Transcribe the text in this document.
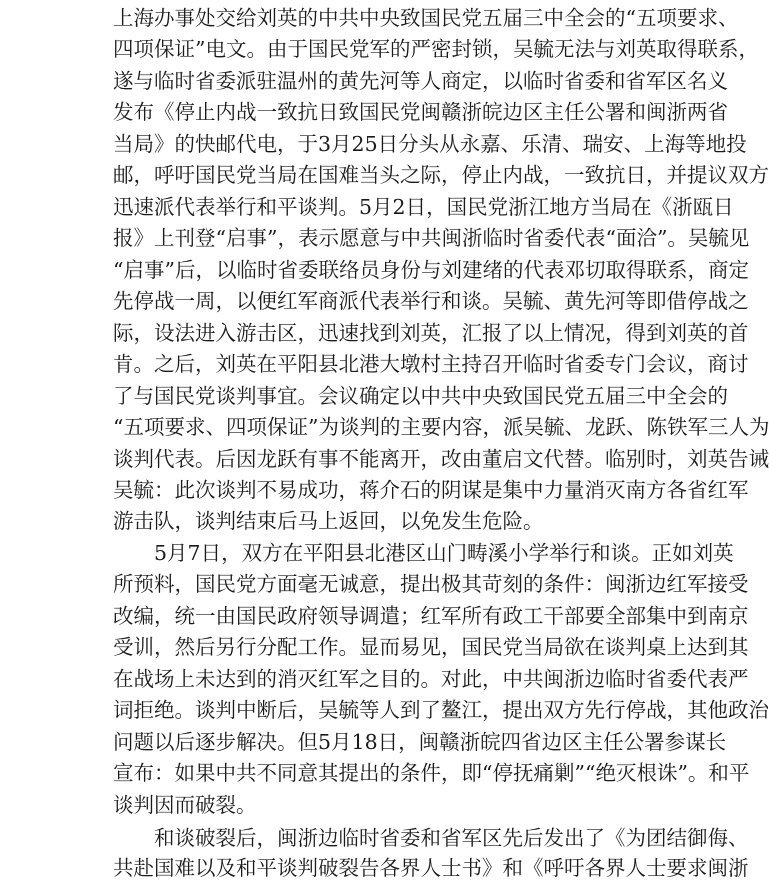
上海办事处交给刘英的中共中央致国民党五届三中全会的“五项要求、
四项保证”电文。由于国民党军的严密封锁，吴毓无法与刘英取得联系，
遂与临时省委派驻温州的黄先河等人商定，以临时省委和省军区名义
发布《停止内战一致抗日致国民党闽赣浙皖边区主任公署和闽浙两省
当局》的快邮代电，于3月25日分头从永嘉、乐清、瑞安、上海等地投
邮，呼吁国民党当局在国难当头之际，停止内战，一致抗日，并提议双方
迅速派代表举行和平谈判。5月2日，国民党浙江地方当局在《浙瓯日
报》上刊登“启事”，表示愿意与中共闽浙临时省委代表“面洽”。吴毓见
“启事”后，以临时省委联络员身份与刘建绪的代表邓切取得联系，商定
先停战一周，以便红军商派代表举行和谈。吴毓、黄先河等即借停战之
际，设法进入游击区，迅速找到刘英，汇报了以上情况，得到刘英的首
肯。之后，刘英在平阳县北港大墩村主持召开临时省委专门会议，商讨
了与国民党谈判事宜。会议确定以中共中央致国民党五届三中全会的
“五项要求、四项保证”为谈判的主要内容，派吴毓、龙跃、陈铁军三人为
谈判代表。后因龙跃有事不能离开，改由董启文代替。临别时，刘英告诫
吴毓：此次谈判不易成功，蒋介石的阴谋是集中力量消灭南方各省红军
游击队，谈判结束后马上返回，以免发生危险。
5月7日，双方在平阳县北港区山门畴溪小学举行和谈。正如刘英
所预料，国民党方面毫无诚意，提出极其苛刻的条件：闽浙边红军接受
改编，统一由国民政府领导调遣；红军所有政工干部要全部集中到南京
受训，然后另行分配工作。显而易见，国民党当局欲在谈判桌上达到其
在战场上未达到的消灭红军之目的。对此，中共闽浙边临时省委代表严
词拒绝。谈判中断后，吴毓等人到了鳌江，提出双方先行停战，其他政治
问题以后逐步解决。但5月18日，闽赣浙皖四省边区主任公署参谋长
宣布：如果中共不同意其提出的条件，即“停抚痛剿”“绝灭根诛”。和平
谈判因而破裂。
和谈破裂后，闽浙边临时省委和省军区先后发出了《为团结御侮、
共赴国难以及和平谈判破裂告各界人士书》和《呼吁各界人士要求闽浙
